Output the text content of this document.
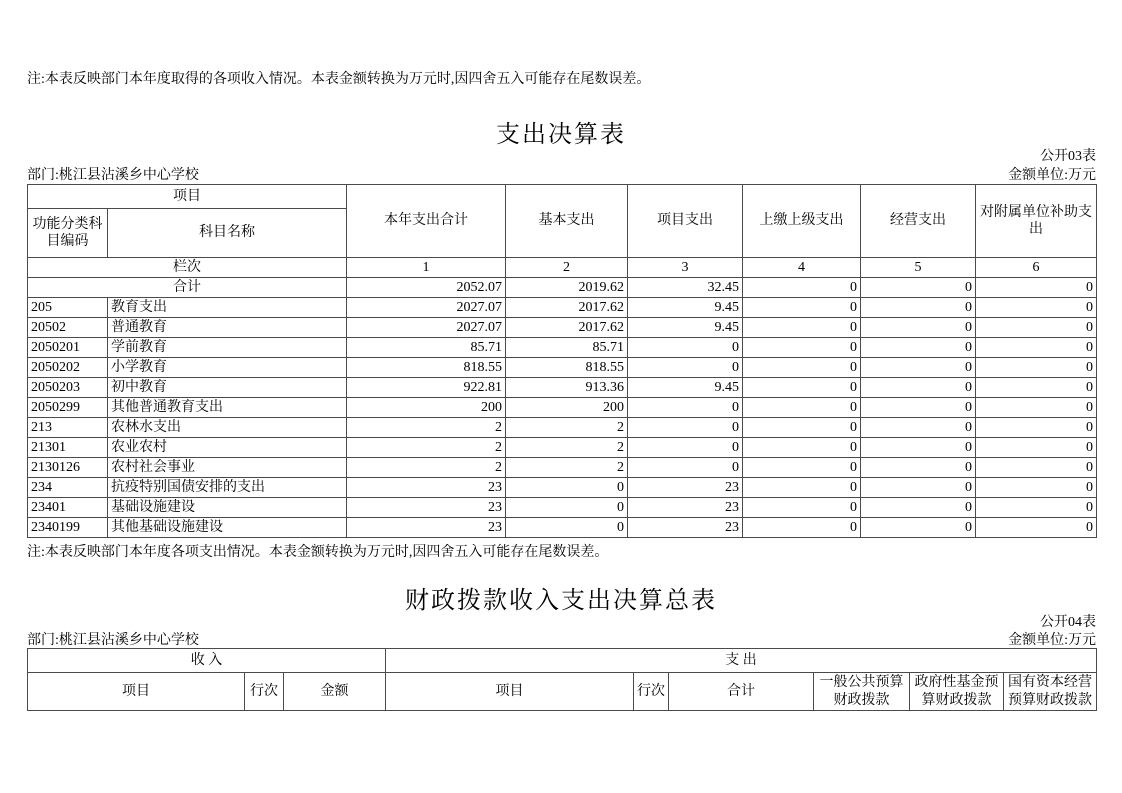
注:本表反映部门本年度取得的各项收入情况。本表金额转换为万元时,因四舍五入可能存在尾数误差。
支出决算表
公开03表
部门:桃江县沾溪乡中心学校	金额单位:万元
项目		本年支出合计	基本支出	项目支出	上缴上级支出	经营支出	对附属单位补助支出
功能分类科目编码	科目名称						
栏次		1	2	3	4	5	6
合计		2052.07	2019.62	32.45	0	0	0
205	教育支出	2027.07	2017.62	9.45	0	0	0
20502	普通教育	2027.07	2017.62	9.45	0	0	0
2050201	学前教育	85.71	85.71	0	0	0	0
2050202	小学教育	818.55	818.55	0	0	0	0
2050203	初中教育	922.81	913.36	9.45	0	0	0
2050299	其他普通教育支出	200	200	0	0	0	0
213	农林水支出	2	2	0	0	0	0
21301	农业农村	2	2	0	0	0	0
2130126	农村社会事业	2	2	0	0	0	0
234	抗疫特别国债安排的支出	23	0	23	0	0	0
23401	基础设施建设	23	0	23	0	0	0
2340199	其他基础设施建设	23	0	23	0	0	0
注:本表反映部门本年度各项支出情况。本表金额转换为万元时,因四舍五入可能存在尾数误差。
财政拨款收入支出决算总表
公开04表
部门:桃江县沾溪乡中心学校	金额单位:万元
收 入			支 出					
项目	行次	金额	项目	行次	合计	一般公共预算财政拨款	政府性基金预算财政拨款	国有资本经营预算财政拨款
